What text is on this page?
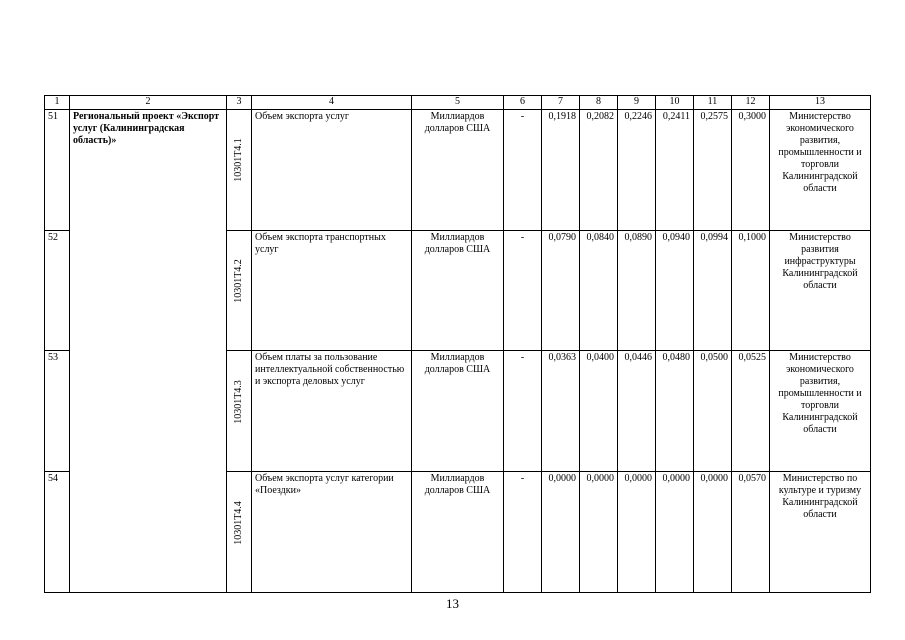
1	2	3	4	5	6	7	8	9	10	11	12	13
51	Региональный проект «Экспорт услуг (Калининградская область)»	10301T4.1	Объем экспорта услуг	Миллиардов долларов США	-	0,1918	0,2082	0,2246	0,2411	0,2575	0,3000	Министерство экономического развития, промышленности и торговли Калининградской области
52		10301T4.2	Объем экспорта транспортных услуг	Миллиардов долларов США	-	0,0790	0,0840	0,0890	0,0940	0,0994	0,1000	Министерство развития инфраструктуры Калининградской области
53		10301T4.3	Объем платы за пользование интеллектуальной собственностью и экспорта деловых услуг	Миллиардов долларов США	-	0,0363	0,0400	0,0446	0,0480	0,0500	0,0525	Министерство экономического развития, промышленности и торговли Калининградской области
54		10301T4.4	Объем экспорта услуг категории «Поездки»	Миллиардов долларов США	-	0,0000	0,0000	0,0000	0,0000	0,0000	0,0570	Министерство по культуре и туризму Калининградской области
13
